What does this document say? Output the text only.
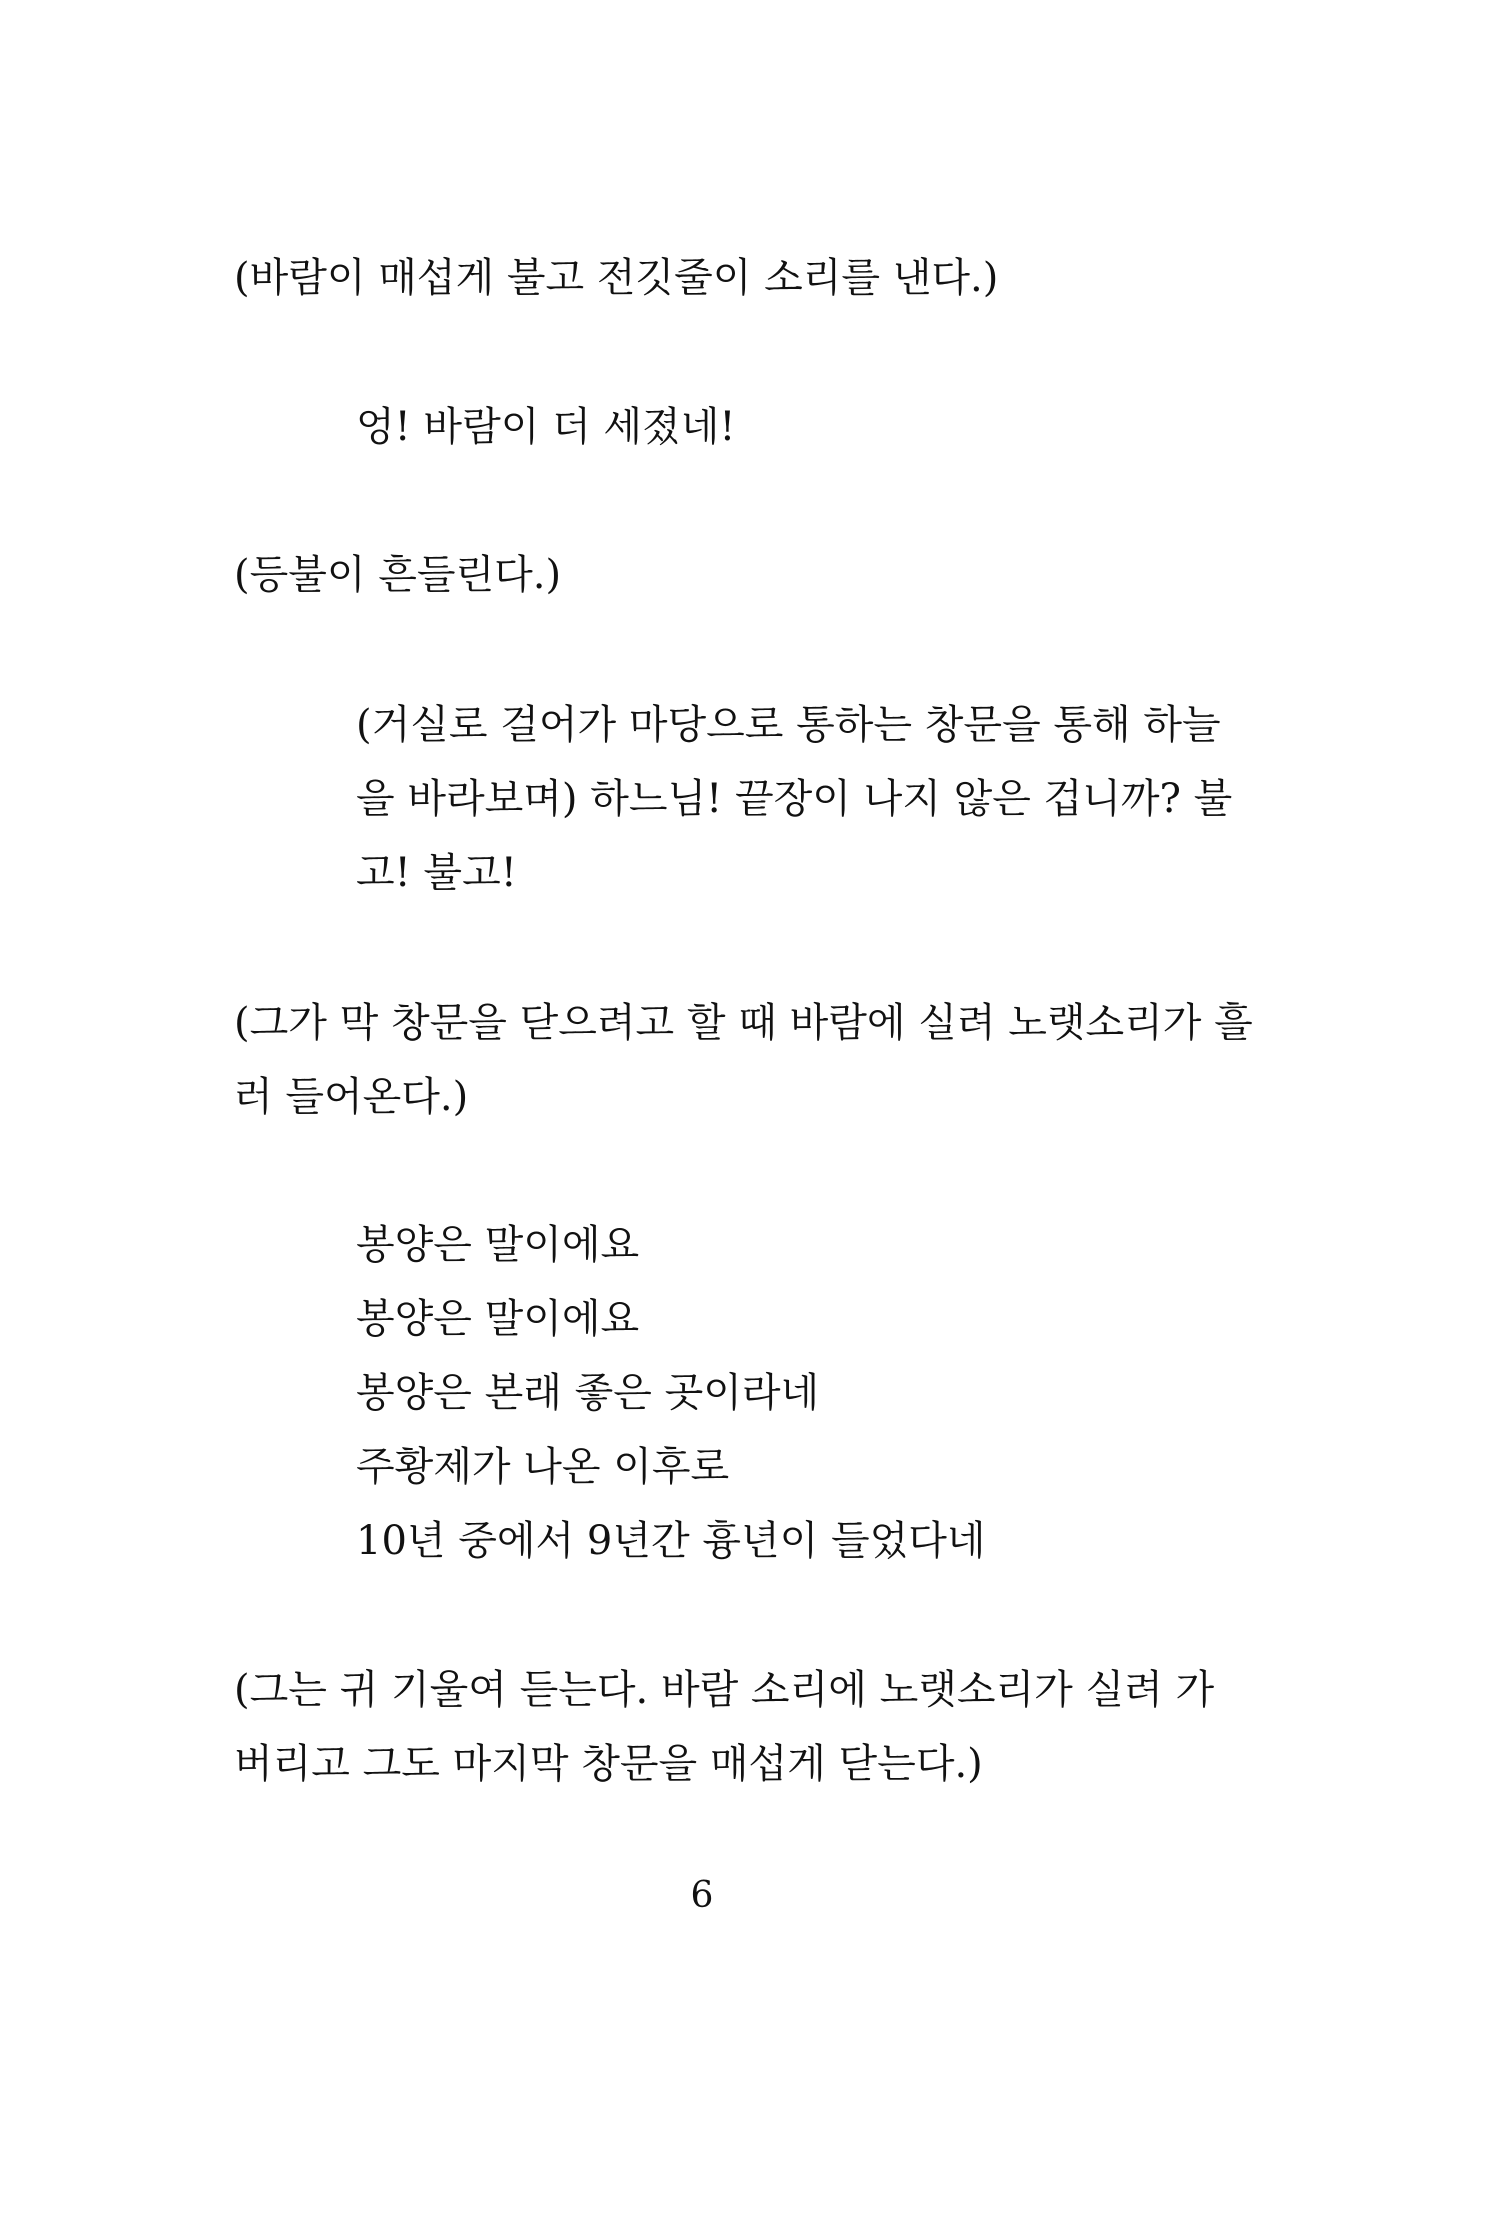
(바람이 매섭게 불고 전깃줄이 소리를 낸다.)
엉! 바람이 더 세졌네!
(등불이 흔들린다.)
(거실로 걸어가 마당으로 통하는 창문을 통해 하늘
을 바라보며) 하느님! 끝장이 나지 않은 겁니까? 불
고! 불고!
(그가 막 창문을 닫으려고 할 때 바람에 실려 노랫소리가 흘
러 들어온다.)
봉양은 말이에요
봉양은 말이에요
봉양은 본래 좋은 곳이라네
주황제가 나온 이후로
10년 중에서 9년간 흉년이 들었다네
(그는 귀 기울여 듣는다. 바람 소리에 노랫소리가 실려 가
버리고 그도 마지막 창문을 매섭게 닫는다.)
6
